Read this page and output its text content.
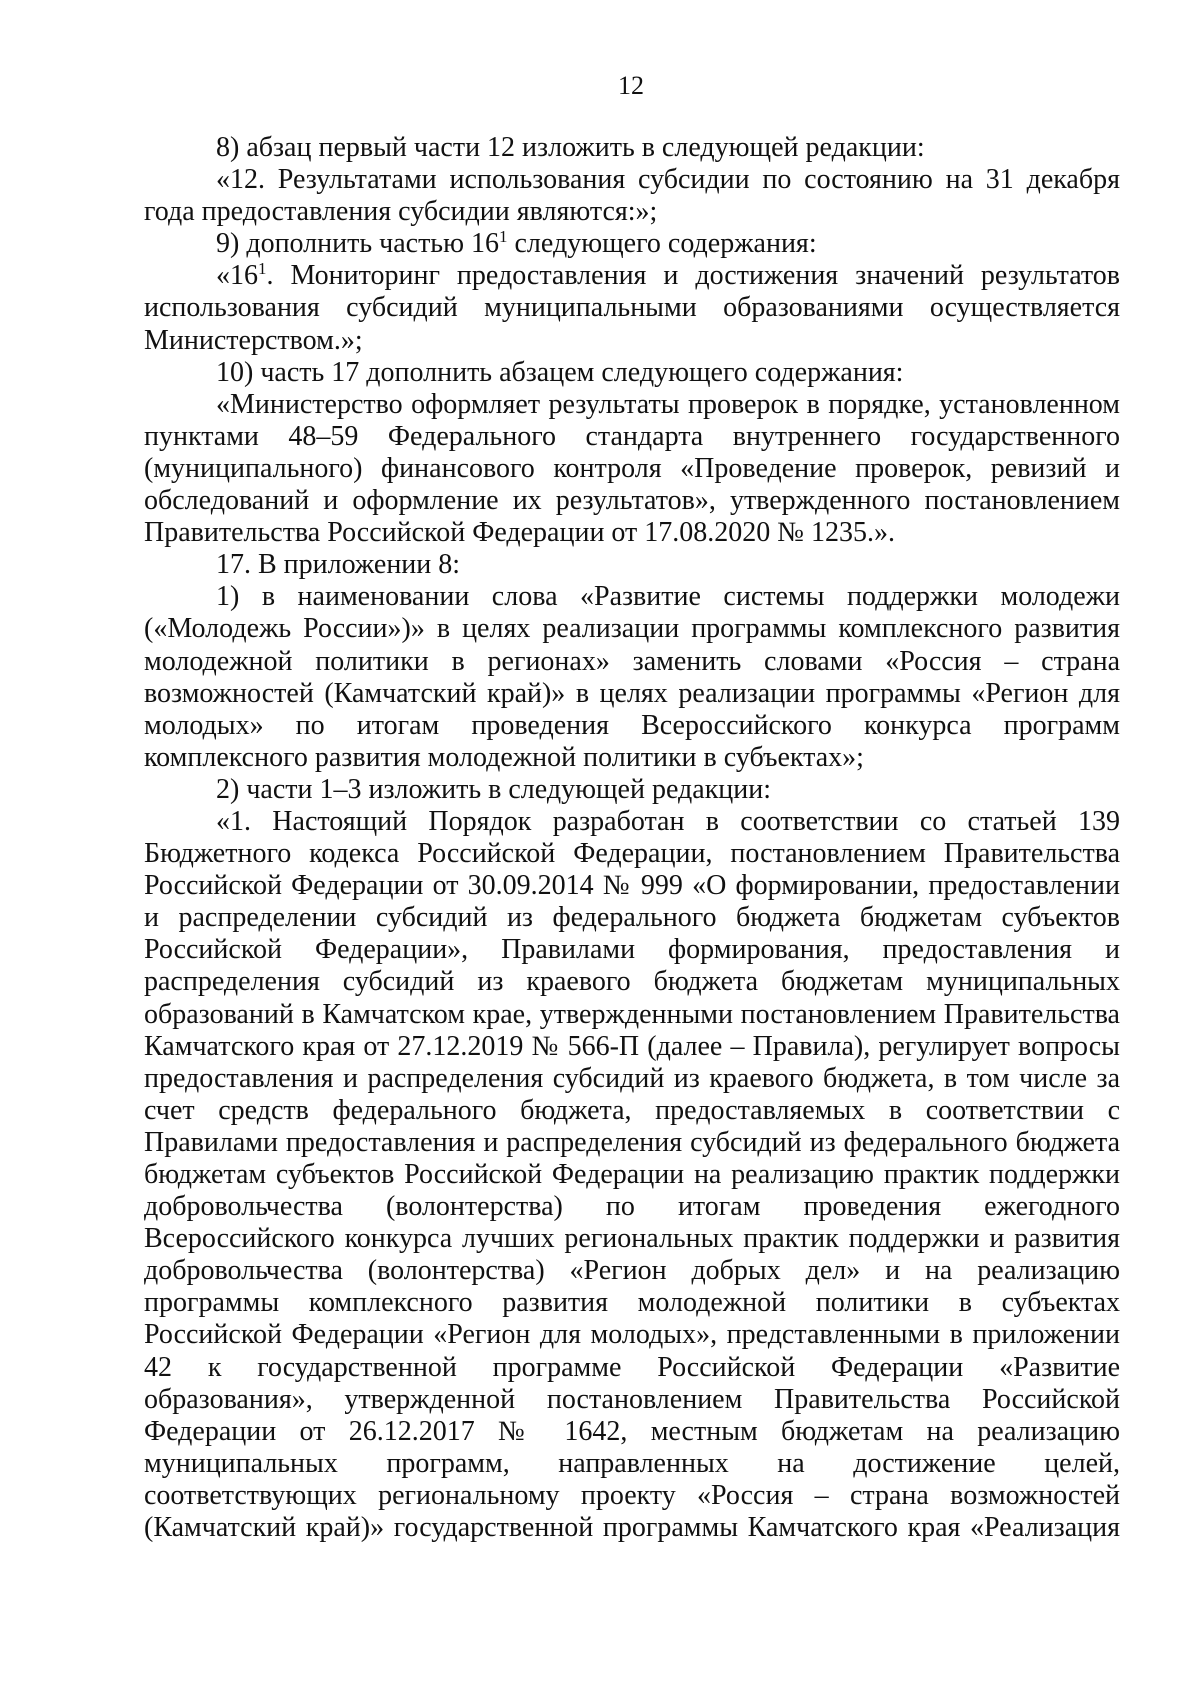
12

8) абзац первый части 12 изложить в следующей редакции:

«12. Результатами использования субсидии по состоянию на 31 декабря года предоставления субсидии являются:»;

9) дополнить частью $16^1$ следующего содержания:

«$16^1$. Мониторинг предоставления и достижения значений результатов использования субсидий муниципальными образованиями осуществляется Министерством.»;

10) часть 17 дополнить абзацем следующего содержания:

«Министерство оформляет результаты проверок в порядке, установленном пунктами 48–59 Федерального стандарта внутреннего государственного (муниципального) финансового контроля «Проведение проверок, ревизий и обследований и оформление их результатов», утвержденного постановлением Правительства Российской Федерации от 17.08.2020 № 1235.».

17. В приложении 8:

1) в наименовании слова «Развитие системы поддержки молодежи («Молодежь России»)» в целях реализации программы комплексного развития молодежной политики в регионах» заменить словами «Россия – страна возможностей (Камчатский край)» в целях реализации программы «Регион для молодых» по итогам проведения Всероссийского конкурса программ комплексного развития молодежной политики в субъектах»;

2) части 1–3 изложить в следующей редакции:

«1. Настоящий Порядок разработан в соответствии со статьей 139 Бюджетного кодекса Российской Федерации, постановлением Правительства Российской Федерации от 30.09.2014 № 999 «О формировании, предоставлении и распределении субсидий из федерального бюджета бюджетам субъектов Российской Федерации», Правилами формирования, предоставления и распределения субсидий из краевого бюджета бюджетам муниципальных образований в Камчатском крае, утвержденными постановлением Правительства Камчатского края от 27.12.2019 № 566-П (далее – Правила), регулирует вопросы предоставления и распределения субсидий из краевого бюджета, в том числе за счет средств федерального бюджета, предоставляемых в соответствии с Правилами предоставления и распределения субсидий из федерального бюджета бюджетам субъектов Российской Федерации на реализацию практик поддержки добровольчества (волонтерства) по итогам проведения ежегодного Всероссийского конкурса лучших региональных практик поддержки и развития добровольчества (волонтерства) «Регион добрых дел» и на реализацию программы комплексного развития молодежной политики в субъектах Российской Федерации «Регион для молодых», представленными в приложении 42 к государственной программе Российской Федерации «Развитие образования», утвержденной постановлением Правительства Российской Федерации от 26.12.2017 № 1642, местным бюджетам на реализацию муниципальных программ, направленных на достижение целей, соответствующих региональному проекту «Россия – страна возможностей (Камчатский край)» государственной программы Камчатского края «Реализация
